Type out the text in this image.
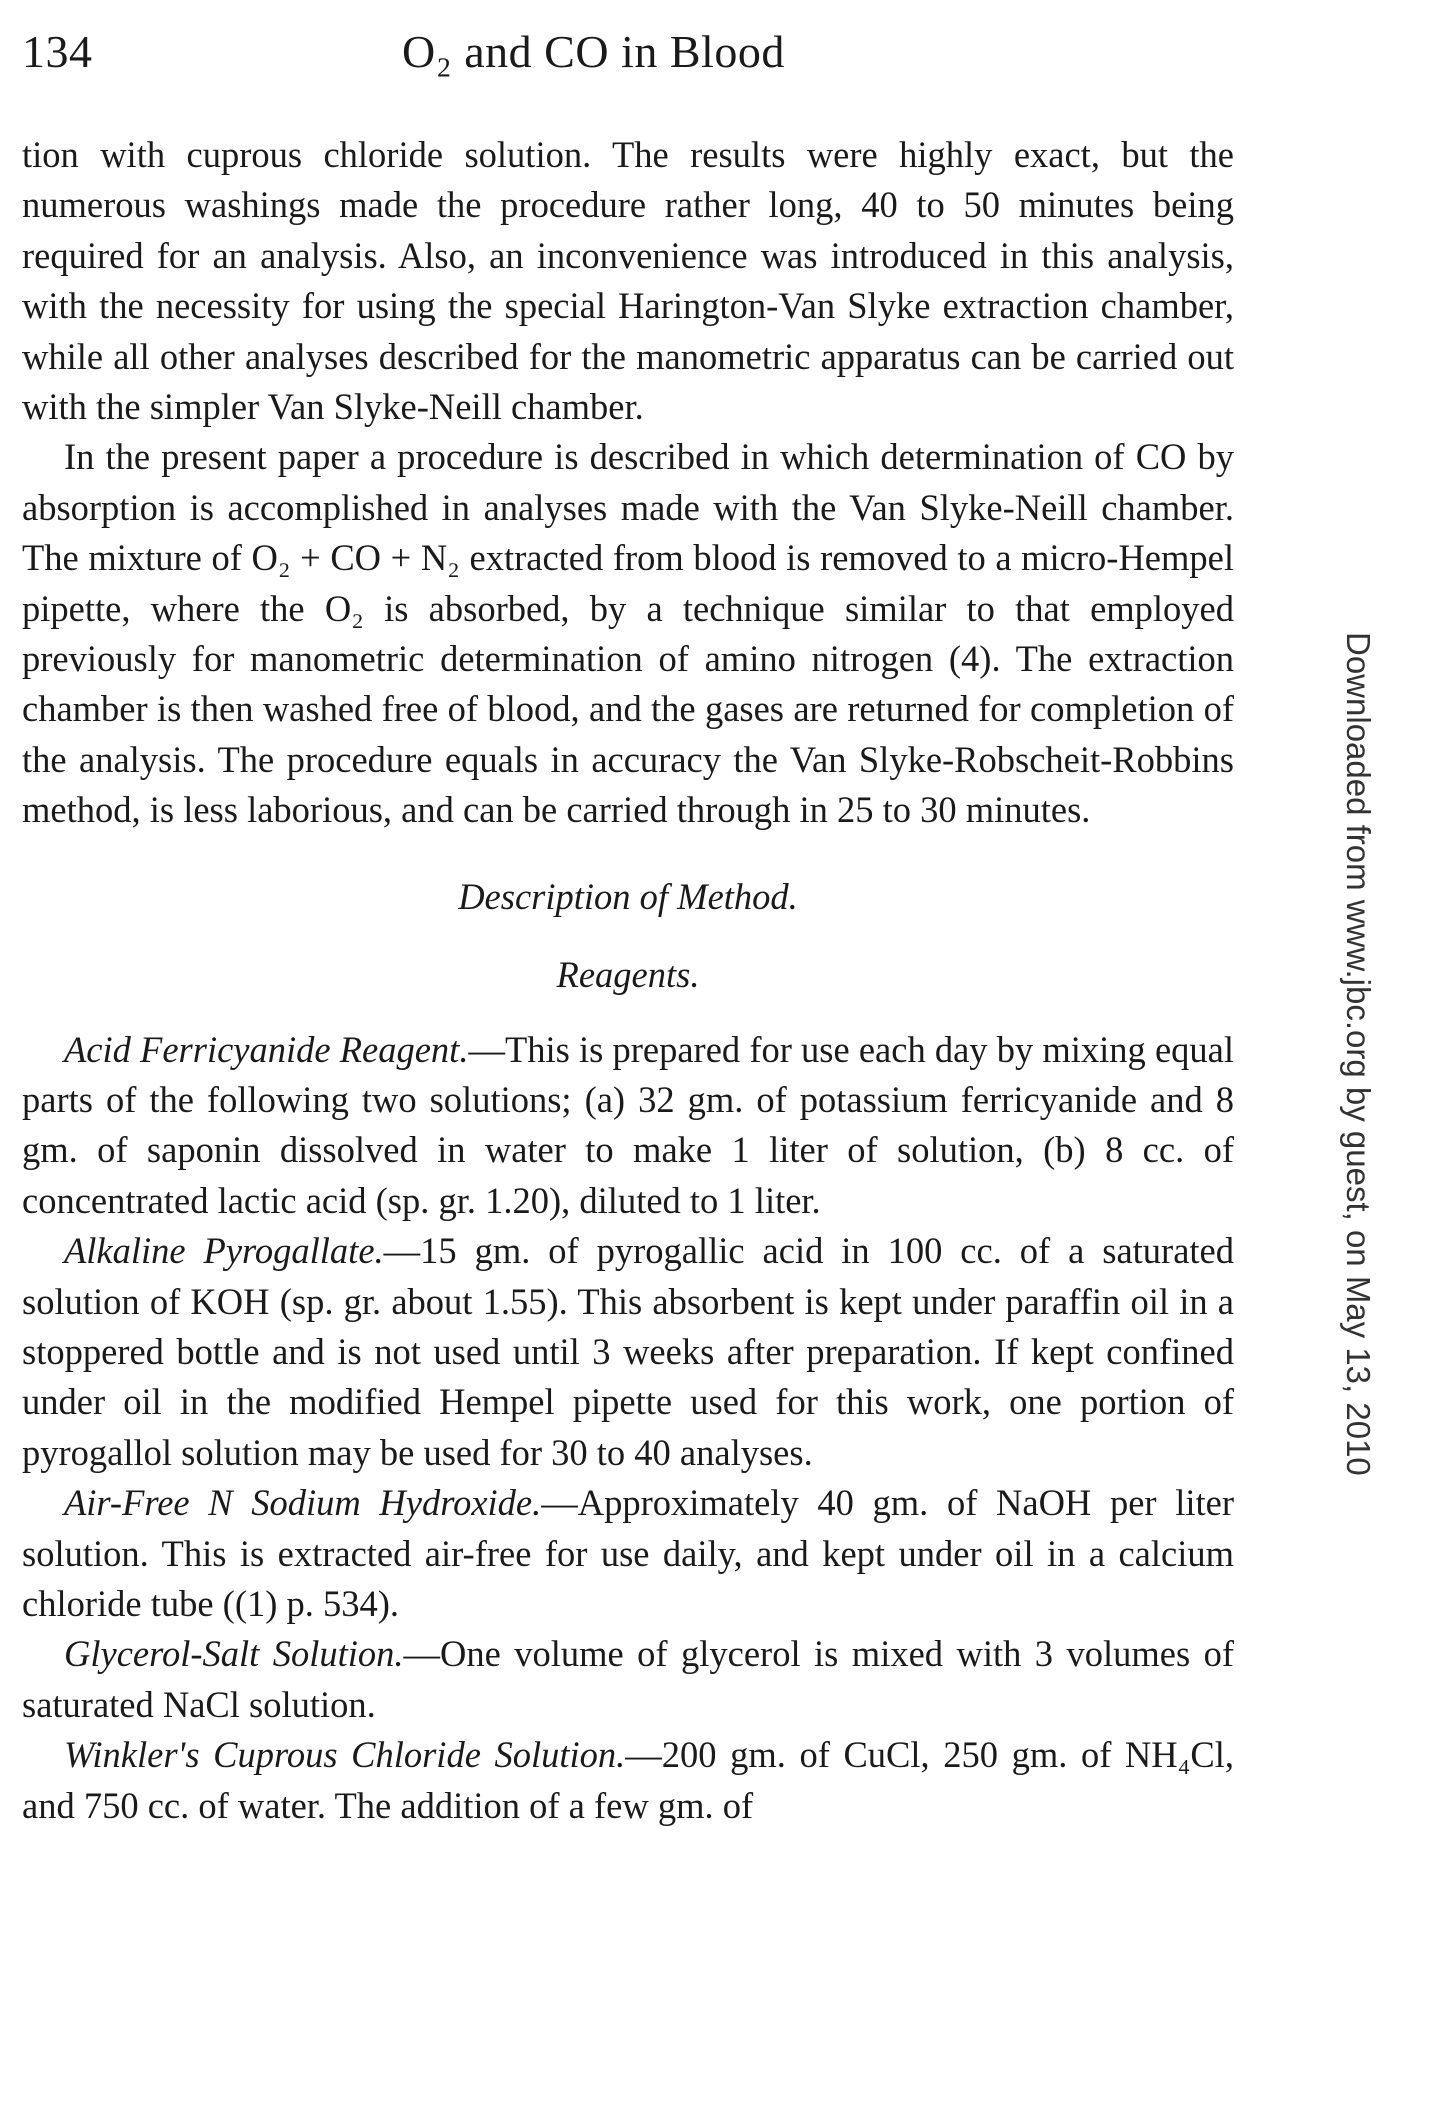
134	O₂ and CO in Blood

tion with cuprous chloride solution. The results were highly exact, but the numerous washings made the procedure rather long, 40 to 50 minutes being required for an analysis. Also, an inconvenience was introduced in this analysis, with the necessity for using the special Harington-Van Slyke extraction chamber, while all other analyses described for the manometric apparatus can be carried out with the simpler Van Slyke-Neill chamber.

In the present paper a procedure is described in which determination of CO by absorption is accomplished in analyses made with the Van Slyke-Neill chamber. The mixture of O₂ + CO + N₂ extracted from blood is removed to a micro-Hempel pipette, where the O₂ is absorbed, by a technique similar to that employed previously for manometric determination of amino nitrogen (4). The extraction chamber is then washed free of blood, and the gases are returned for completion of the analysis. The procedure equals in accuracy the Van Slyke-Robscheit-Robbins method, is less laborious, and can be carried through in 25 to 30 minutes.

Description of Method.

Reagents.

Acid Ferricyanide Reagent.—This is prepared for use each day by mixing equal parts of the following two solutions; (a) 32 gm. of potassium ferricyanide and 8 gm. of saponin dissolved in water to make 1 liter of solution, (b) 8 cc. of concentrated lactic acid (sp. gr. 1.20), diluted to 1 liter.

Alkaline Pyrogallate.—15 gm. of pyrogallic acid in 100 cc. of a saturated solution of KOH (sp. gr. about 1.55). This absorbent is kept under paraffin oil in a stoppered bottle and is not used until 3 weeks after preparation. If kept confined under oil in the modified Hempel pipette used for this work, one portion of pyrogallol solution may be used for 30 to 40 analyses.

Air-Free N Sodium Hydroxide.—Approximately 40 gm. of NaOH per liter solution. This is extracted air-free for use daily, and kept under oil in a calcium chloride tube ((1) p. 534).

Glycerol-Salt Solution.—One volume of glycerol is mixed with 3 volumes of saturated NaCl solution.

Winkler's Cuprous Chloride Solution.—200 gm. of CuCl, 250 gm. of NH₄Cl, and 750 cc. of water. The addition of a few gm. of

Downloaded from www.jbc.org by guest, on May 13, 2010
